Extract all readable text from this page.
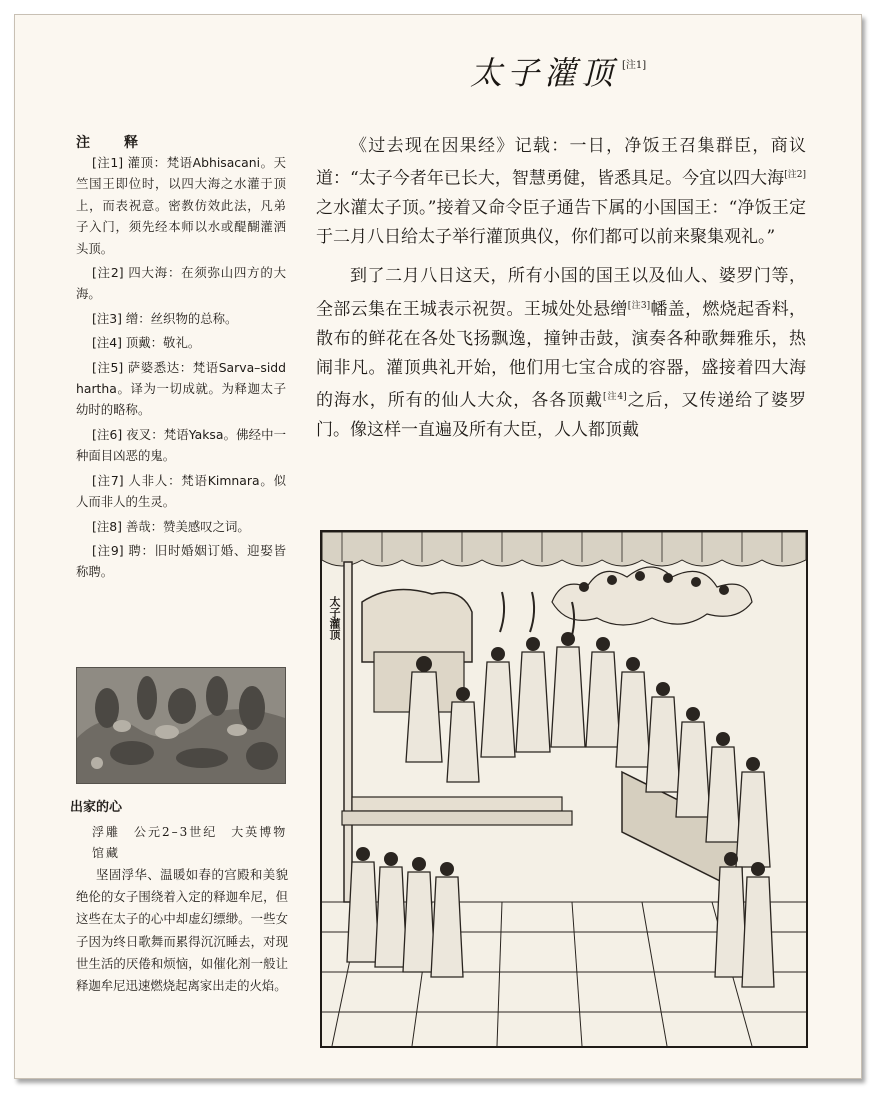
太子灌顶 [注1]
注　释
[注1] 灌顶：梵语Abhisacani。天竺国王即位时，以四大海之水灌于顶上，而表祝意。密教仿效此法，凡弟子入门，须先经本师以水或醍醐灌洒头顶。
[注2] 四大海：在须弥山四方的大海。
[注3] 缯：丝织物的总称。
[注4] 顶戴：敬礼。
[注5] 萨婆悉达：梵语Sarva–siddhartha。译为一切成就。为释迦太子幼时的略称。
[注6] 夜叉：梵语Yaksa。佛经中一种面目凶恶的鬼。
[注7] 人非人：梵语Kimnara。似人而非人的生灵。
[注8] 善哉：赞美感叹之词。
[注9] 聘：旧时婚姻订婚、迎娶皆称聘。
出家的心
浮雕　公元2–3世纪　大英博物馆藏
坚固浮华、温暖如春的宫殿和美貌绝伦的女子围绕着入定的释迦牟尼，但这些在太子的心中却虚幻缥缈。一些女子因为终日歌舞而累得沉沉睡去，对现世生活的厌倦和烦恼，如催化剂一般让释迦牟尼迅速燃烧起离家出走的火焰。

《过去现在因果经》记载：一日，净饭王召集群臣，商议道：“太子今者年已长大，智慧勇健，皆悉具足。今宜以四大海[注2]之水灌太子顶。”接着又命令臣子通告下属的小国国王：“净饭王定于二月八日给太子举行灌顶典仪，你们都可以前来聚集观礼。”

到了二月八日这天，所有小国的国王以及仙人、婆罗门等，全部云集在王城表示祝贺。王城处处悬缯[注3]幡盖，燃烧起香料，散布的鲜花在各处飞扬飘逸，撞钟击鼓，演奏各种歌舞雅乐，热闹非凡。灌顶典礼开始，他们用七宝合成的容器，盛接着四大海的海水，所有的仙人大众，各各顶戴[注4]之后，又传递给了婆罗门。像这样一直遍及所有大臣，人人都顶戴

太子灌顶
